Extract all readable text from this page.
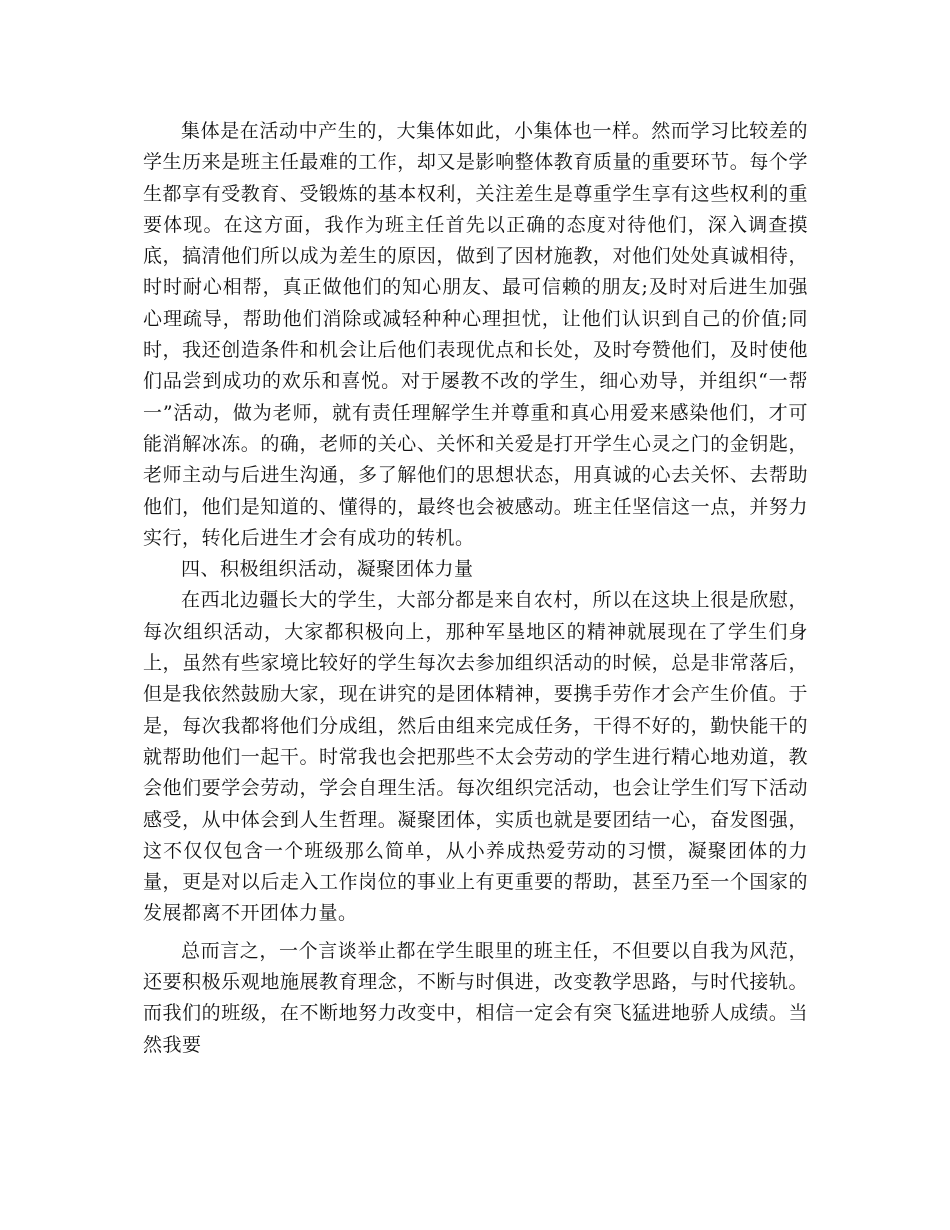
集体是在活动中产生的，大集体如此，小集体也一样。然而学习比较差的学生历来是班主任最难的工作，却又是影响整体教育质量的重要环节。每个学生都享有受教育、受锻炼的基本权利，关注差生是尊重学生享有这些权利的重要体现。在这方面，我作为班主任首先以正确的态度对待他们，深入调查摸底，搞清他们所以成为差生的原因，做到了因材施教，对他们处处真诚相待，时时耐心相帮，真正做他们的知心朋友、最可信赖的朋友;及时对后进生加强心理疏导，帮助他们消除或减轻种种心理担忧，让他们认识到自己的价值;同时，我还创造条件和机会让后他们表现优点和长处，及时夸赞他们，及时使他们品尝到成功的欢乐和喜悦。对于屡教不改的学生，细心劝导，并组织“一帮一”活动，做为老师，就有责任理解学生并尊重和真心用爱来感染他们，才可能消解冰冻。的确，老师的关心、关怀和关爱是打开学生心灵之门的金钥匙，老师主动与后进生沟通，多了解他们的思想状态，用真诚的心去关怀、去帮助他们，他们是知道的、懂得的，最终也会被感动。班主任坚信这一点，并努力实行，转化后进生才会有成功的转机。

四、积极组织活动，凝聚团体力量

在西北边疆长大的学生，大部分都是来自农村，所以在这块上很是欣慰，每次组织活动，大家都积极向上，那种军垦地区的精神就展现在了学生们身上，虽然有些家境比较好的学生每次去参加组织活动的时候，总是非常落后，但是我依然鼓励大家，现在讲究的是团体精神，要携手劳作才会产生价值。于是，每次我都将他们分成组，然后由组来完成任务，干得不好的，勤快能干的就帮助他们一起干。时常我也会把那些不太会劳动的学生进行精心地劝道，教会他们要学会劳动，学会自理生活。每次组织完活动，也会让学生们写下活动感受，从中体会到人生哲理。凝聚团体，实质也就是要团结一心，奋发图强，这不仅仅包含一个班级那么简单，从小养成热爱劳动的习惯，凝聚团体的力量，更是对以后走入工作岗位的事业上有更重要的帮助，甚至乃至一个国家的发展都离不开团体力量。

总而言之，一个言谈举止都在学生眼里的班主任，不但要以自我为风范，还要积极乐观地施展教育理念，不断与时俱进，改变教学思路，与时代接轨。而我们的班级，在不断地努力改变中，相信一定会有突飞猛进地骄人成绩。当然我要
